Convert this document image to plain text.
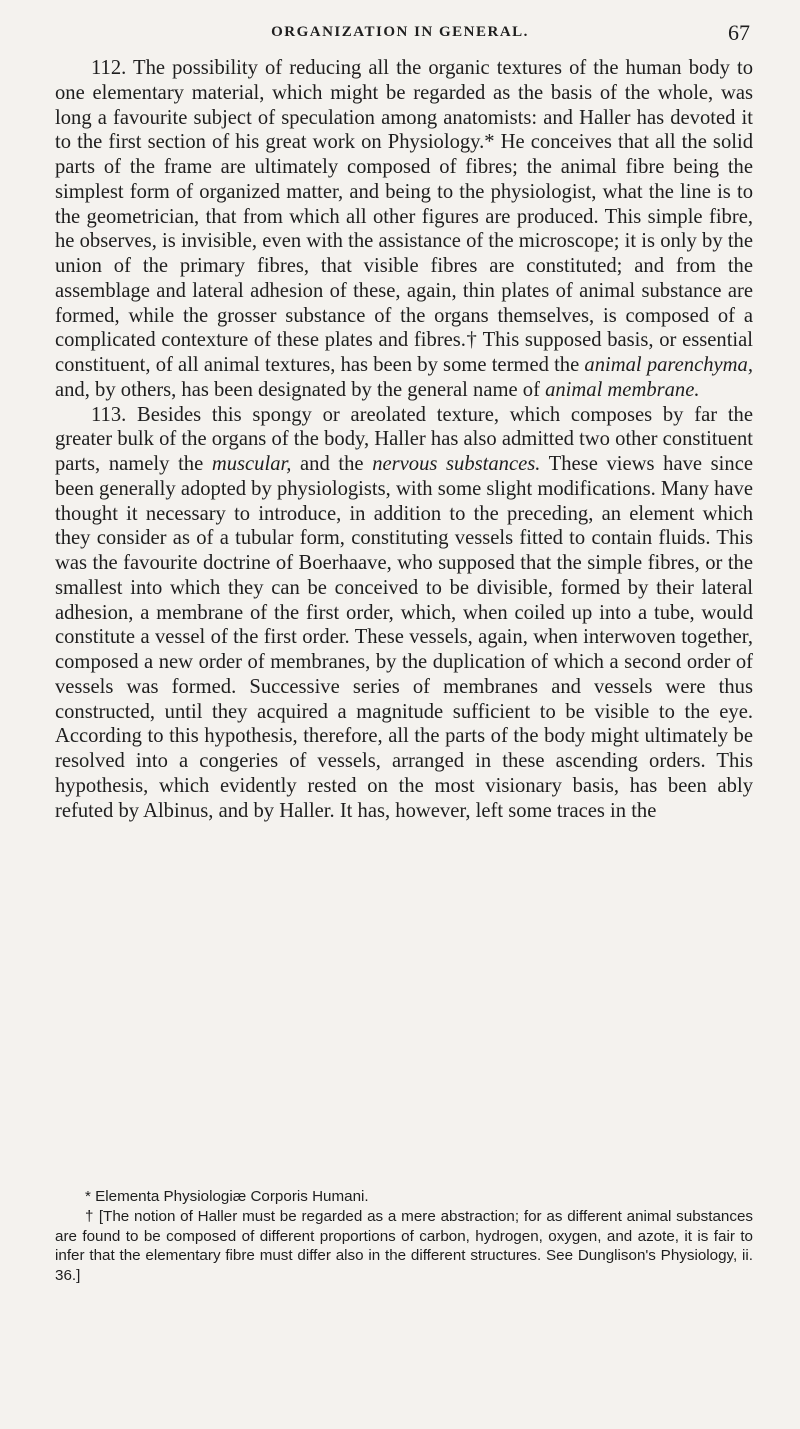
ORGANIZATION IN GENERAL.	67

112. The possibility of reducing all the organic textures of the human body to one elementary material, which might be regarded as the basis of the whole, was long a favourite subject of speculation among anatomists: and Haller has devoted it to the first section of his great work on Physiology.* He conceives that all the solid parts of the frame are ultimately composed of fibres; the animal fibre being the simplest form of organized matter, and being to the physiologist, what the line is to the geometrician, that from which all other figures are produced. This simple fibre, he observes, is invisible, even with the assistance of the microscope; it is only by the union of the primary fibres, that visible fibres are constituted; and from the assemblage and lateral adhesion of these, again, thin plates of animal substance are formed, while the grosser substance of the organs themselves, is composed of a complicated contexture of these plates and fibres.† This supposed basis, or essential constituent, of all animal textures, has been by some termed the animal parenchyma, and, by others, has been designated by the general name of animal membrane.

113. Besides this spongy or areolated texture, which composes by far the greater bulk of the organs of the body, Haller has also admitted two other constituent parts, namely the muscular, and the nervous substances. These views have since been generally adopted by physiologists, with some slight modifications. Many have thought it necessary to introduce, in addition to the preceding, an element which they consider as of a tubular form, constituting vessels fitted to contain fluids. This was the favourite doctrine of Boerhaave, who supposed that the simple fibres, or the smallest into which they can be conceived to be divisible, formed by their lateral adhesion, a membrane of the first order, which, when coiled up into a tube, would constitute a vessel of the first order. These vessels, again, when interwoven together, composed a new order of membranes, by the duplication of which a second order of vessels was formed. Successive series of membranes and vessels were thus constructed, until they acquired a magnitude sufficient to be visible to the eye. According to this hypothesis, therefore, all the parts of the body might ultimately be resolved into a congeries of vessels, arranged in these ascending orders. This hypothesis, which evidently rested on the most visionary basis, has been ably refuted by Albinus, and by Haller. It has, however, left some traces in the

* Elementa Physiologiæ Corporis Humani.

† [The notion of Haller must be regarded as a mere abstraction; for as different animal substances are found to be composed of different proportions of carbon, hydrogen, oxygen, and azote, it is fair to infer that the elementary fibre must differ also in the different structures. See Dunglison's Physiology, ii. 36.]
